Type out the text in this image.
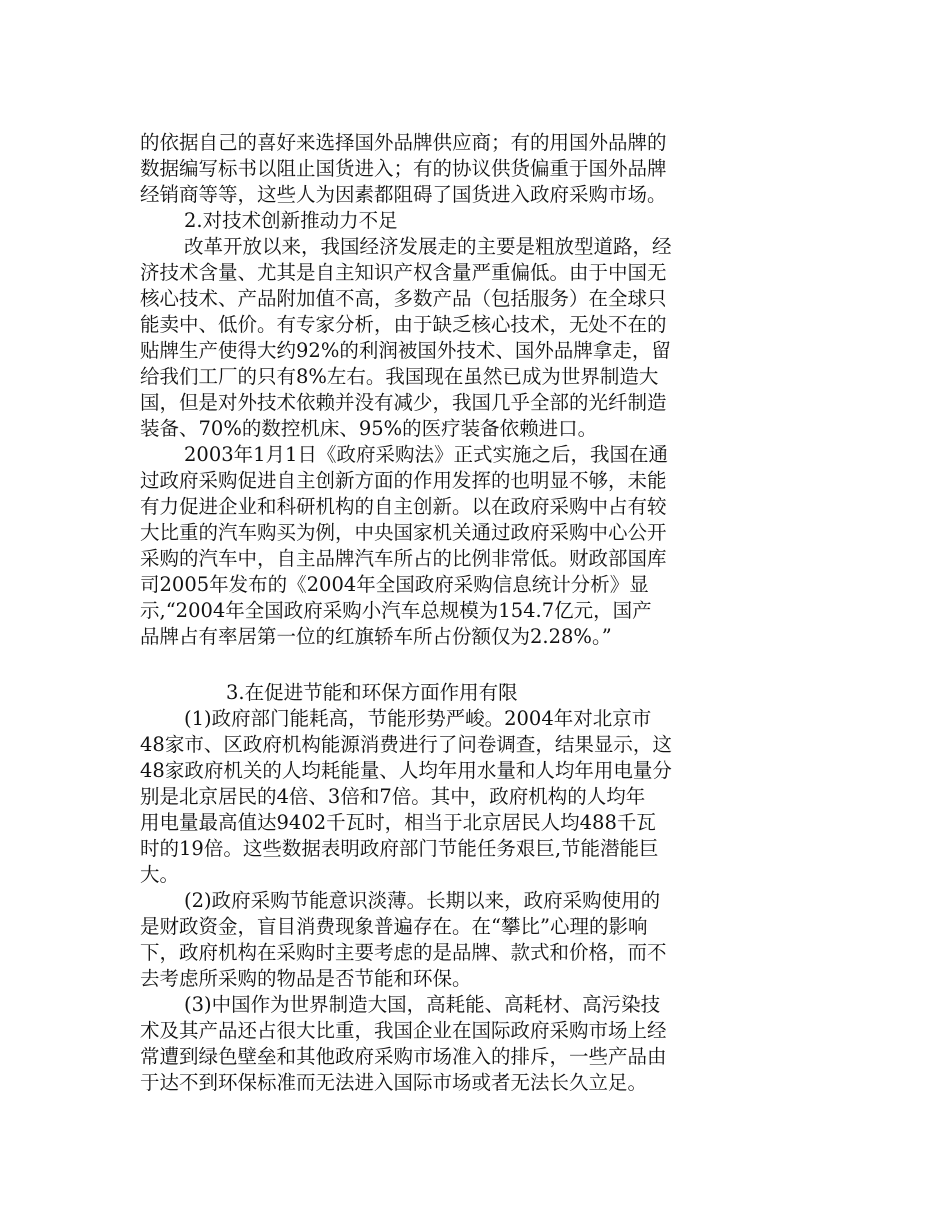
的依据自己的喜好来选择国外品牌供应商；有的用国外品牌的
数据编写标书以阻止国货进入；有的协议供货偏重于国外品牌
经销商等等，这些人为因素都阻碍了国货进入政府采购市场。
2.对技术创新推动力不足
改革开放以来，我国经济发展走的主要是粗放型道路，经
济技术含量、尤其是自主知识产权含量严重偏低。由于中国无
核心技术、产品附加值不高，多数产品（包括服务）在全球只
能卖中、低价。有专家分析，由于缺乏核心技术，无处不在的
贴牌生产使得大约92%的利润被国外技术、国外品牌拿走，留
给我们工厂的只有8%左右。我国现在虽然已成为世界制造大
国，但是对外技术依赖并没有减少，我国几乎全部的光纤制造
装备、70%的数控机床、95%的医疗装备依赖进口。
2003年1月1日《政府采购法》正式实施之后，我国在通
过政府采购促进自主创新方面的作用发挥的也明显不够，未能
有力促进企业和科研机构的自主创新。以在政府采购中占有较
大比重的汽车购买为例，中央国家机关通过政府采购中心公开
采购的汽车中，自主品牌汽车所占的比例非常低。财政部国库
司2005年发布的《2004年全国政府采购信息统计分析》显
示,“2004年全国政府采购小汽车总规模为154.7亿元，国产
品牌占有率居第一位的红旗轿车所占份额仅为2.28%。”
3.在促进节能和环保方面作用有限
(1)政府部门能耗高，节能形势严峻。2004年对北京市
48家市、区政府机构能源消费进行了问卷调查，结果显示，这
48家政府机关的人均耗能量、人均年用水量和人均年用电量分
别是北京居民的4倍、3倍和7倍。其中，政府机构的人均年
用电量最高值达9402千瓦时，相当于北京居民人均488千瓦
时的19倍。这些数据表明政府部门节能任务艰巨,节能潜能巨
大。
(2)政府采购节能意识淡薄。长期以来，政府采购使用的
是财政资金，盲目消费现象普遍存在。在“攀比”心理的影响
下，政府机构在采购时主要考虑的是品牌、款式和价格，而不
去考虑所采购的物品是否节能和环保。
(3)中国作为世界制造大国，高耗能、高耗材、高污染技
术及其产品还占很大比重，我国企业在国际政府采购市场上经
常遭到绿色壁垒和其他政府采购市场准入的排斥，一些产品由
于达不到环保标准而无法进入国际市场或者无法长久立足。
